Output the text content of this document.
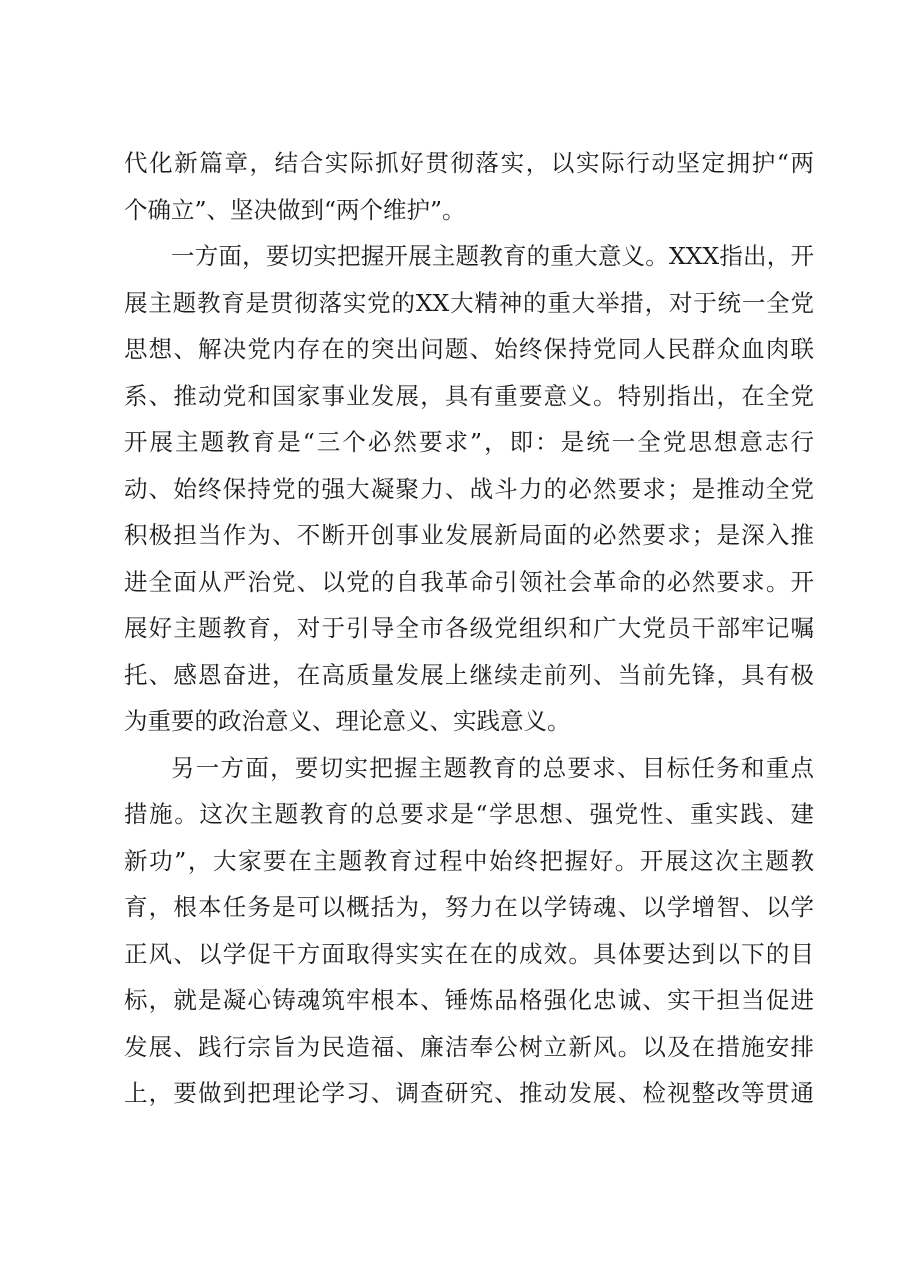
代化新篇章，结合实际抓好贯彻落实，以实际行动坚定拥护“两
个确立”、坚决做到“两个维护”。
一方面，要切实把握开展主题教育的重大意义。XXX指出，开
展主题教育是贯彻落实党的XX大精神的重大举措，对于统一全党
思想、解决党内存在的突出问题、始终保持党同人民群众血肉联
系、推动党和国家事业发展，具有重要意义。特别指出，在全党
开展主题教育是“三个必然要求”，即：是统一全党思想意志行
动、始终保持党的强大凝聚力、战斗力的必然要求；是推动全党
积极担当作为、不断开创事业发展新局面的必然要求；是深入推
进全面从严治党、以党的自我革命引领社会革命的必然要求。开
展好主题教育，对于引导全市各级党组织和广大党员干部牢记嘱
托、感恩奋进，在高质量发展上继续走前列、当前先锋，具有极
为重要的政治意义、理论意义、实践意义。
另一方面，要切实把握主题教育的总要求、目标任务和重点
措施。这次主题教育的总要求是“学思想、强党性、重实践、建
新功”，大家要在主题教育过程中始终把握好。开展这次主题教
育，根本任务是可以概括为，努力在以学铸魂、以学增智、以学
正风、以学促干方面取得实实在在的成效。具体要达到以下的目
标，就是凝心铸魂筑牢根本、锤炼品格强化忠诚、实干担当促进
发展、践行宗旨为民造福、廉洁奉公树立新风。以及在措施安排
上，要做到把理论学习、调查研究、推动发展、检视整改等贯通
